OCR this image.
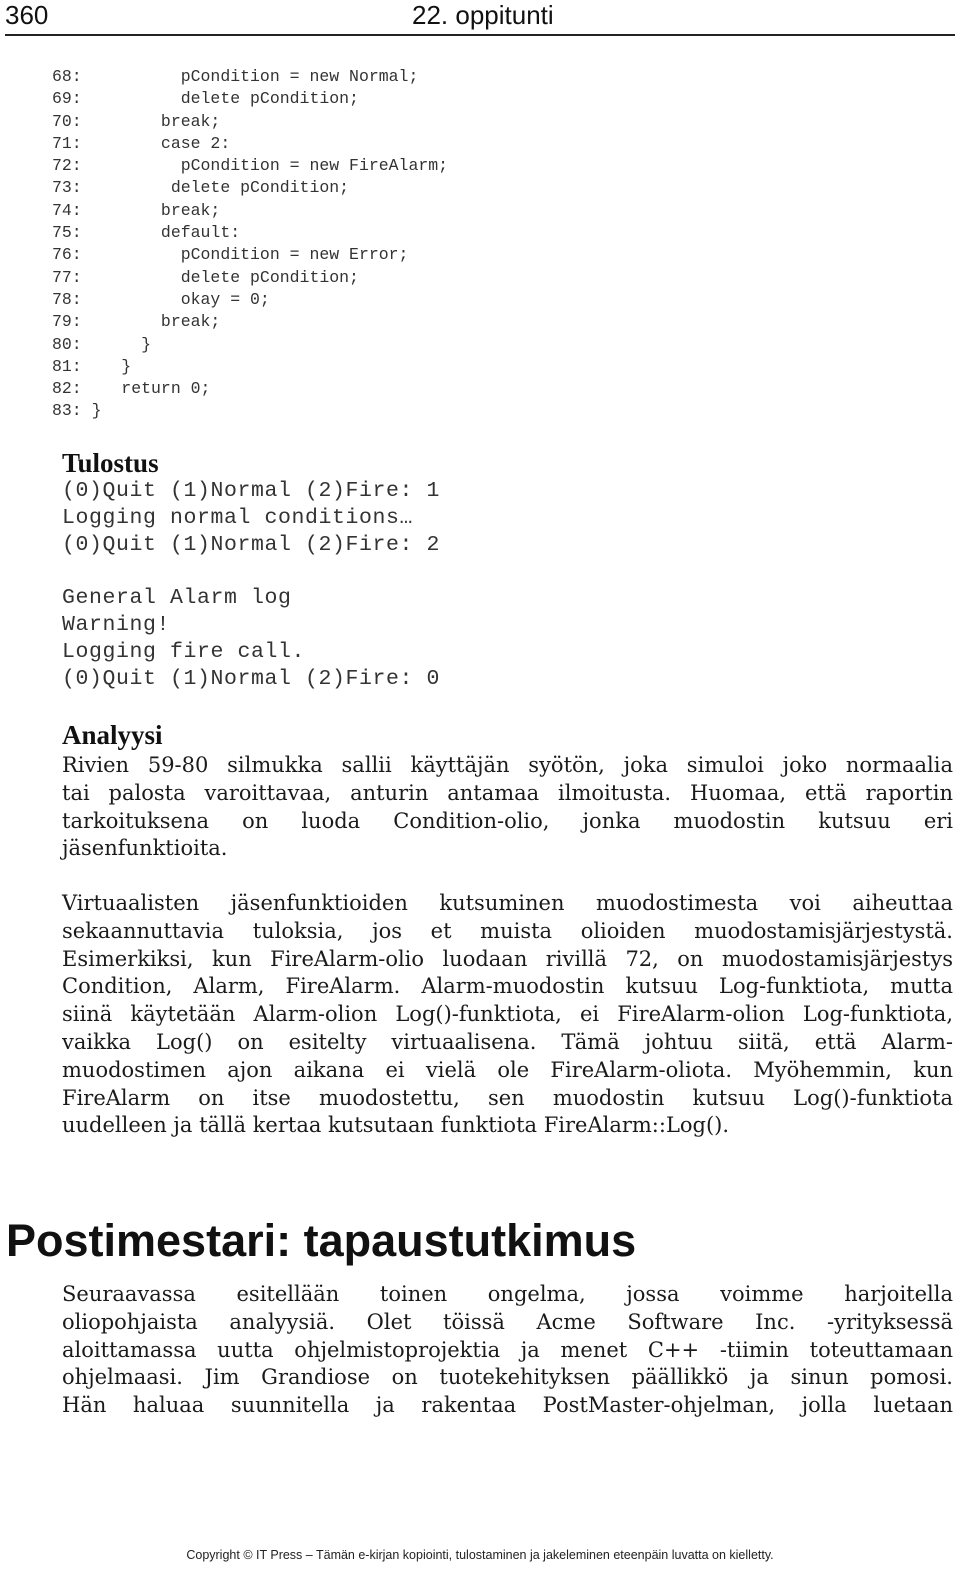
360	22. oppitunti
68:          pCondition = new Normal;
69:          delete pCondition;
70:        break;
71:        case 2:
72:          pCondition = new FireAlarm;
73:         delete pCondition;
74:        break;
75:        default:
76:          pCondition = new Error;
77:          delete pCondition;
78:          okay = 0;
79:        break;
80:      }
81:    }
82:    return 0;
83: }
Tulostus
(0)Quit (1)Normal (2)Fire: 1
Logging normal conditions…
(0)Quit (1)Normal (2)Fire: 2
General Alarm log
Warning!
Logging fire call.
(0)Quit (1)Normal (2)Fire: 0
Analyysi
Rivien 59-80 silmukka sallii käyttäjän syötön, joka simuloi joko normaalia
tai palosta varoittavaa, anturin antamaa ilmoitusta. Huomaa, että raportin
tarkoituksena on luoda Condition-olio, jonka muodostin kutsuu eri
jäsenfunktioita.
Virtuaalisten jäsenfunktioiden kutsuminen muodostimesta voi aiheuttaa
sekaannuttavia tuloksia, jos et muista olioiden muodostamisjärjestystä.
Esimerkiksi, kun FireAlarm-olio luodaan rivillä 72, on muodostamisjärjestys
Condition, Alarm, FireAlarm. Alarm-muodostin kutsuu Log-funktiota, mutta
siinä käytetään Alarm-olion Log()-funktiota, ei FireAlarm-olion Log-funktiota,
vaikka Log() on esitelty virtuaalisena. Tämä johtuu siitä, että Alarm-
muodostimen ajon aikana ei vielä ole FireAlarm-oliota. Myöhemmin, kun
FireAlarm on itse muodostettu, sen muodostin kutsuu Log()-funktiota
uudelleen ja tällä kertaa kutsutaan funktiota FireAlarm::Log().
Postimestari: tapaustutkimus
Seuraavassa esitellään toinen ongelma, jossa voimme harjoitella
oliopohjaista analyysiä. Olet töissä Acme Software Inc. -yrityksessä
aloittamassa uutta ohjelmistoprojektia ja menet C++ -tiimin toteuttamaan
ohjelmaasi. Jim Grandiose on tuotekehityksen päällikkö ja sinun pomosi.
Hän haluaa suunnitella ja rakentaa PostMaster-ohjelman, jolla luetaan
Copyright © IT Press – Tämän e-kirjan kopiointi, tulostaminen ja jakeleminen eteenpäin luvatta on kielletty.
